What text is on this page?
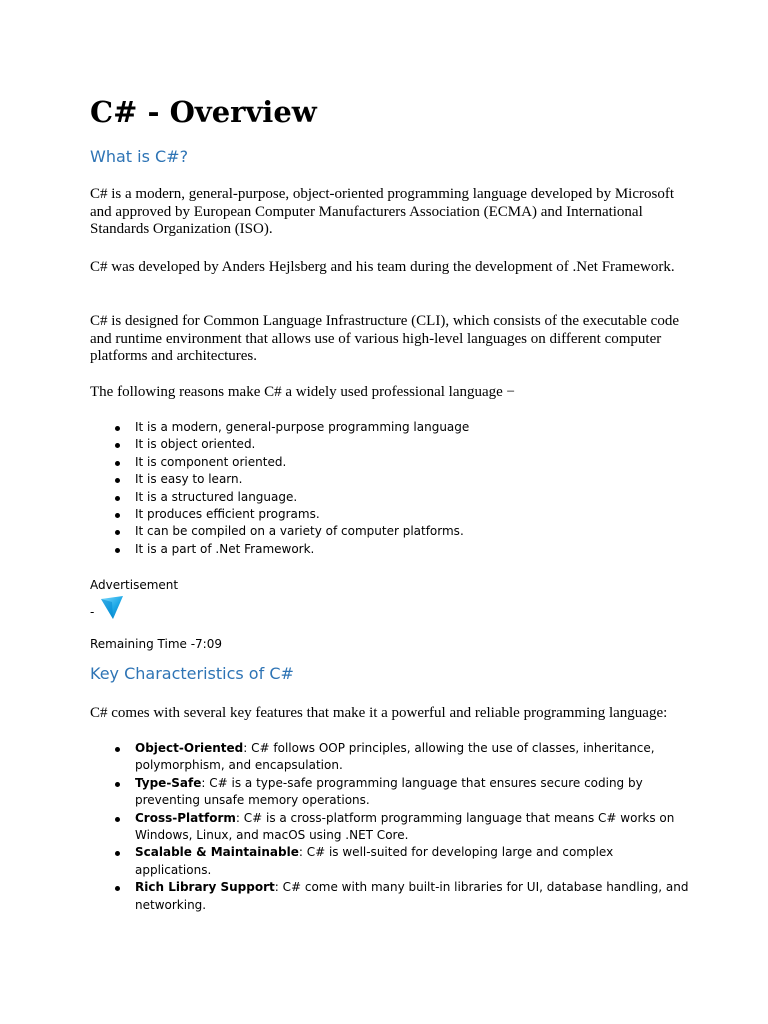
C# - Overview
What is C#?

C# is a modern, general-purpose, object-oriented programming language developed by Microsoft and approved by European Computer Manufacturers Association (ECMA) and International Standards Organization (ISO).

C# was developed by Anders Hejlsberg and his team during the development of .Net Framework.

C# is designed for Common Language Infrastructure (CLI), which consists of the executable code and runtime environment that allows use of various high-level languages on different computer platforms and architectures.

The following reasons make C# a widely used professional language −

It is a modern, general-purpose programming language
It is object oriented.
It is component oriented.
It is easy to learn.
It is a structured language.
It produces efficient programs.
It can be compiled on a variety of computer platforms.
It is a part of .Net Framework.

Advertisement

-

Remaining Time -7:09

Key Characteristics of C#

C# comes with several key features that make it a powerful and reliable programming language:

Object-Oriented: C# follows OOP principles, allowing the use of classes, inheritance, polymorphism, and encapsulation.
Type-Safe: C# is a type-safe programming language that ensures secure coding by preventing unsafe memory operations.
Cross-Platform: C# is a cross-platform programming language that means C# works on Windows, Linux, and macOS using .NET Core.
Scalable & Maintainable: C# is well-suited for developing large and complex applications.
Rich Library Support: C# come with many built-in libraries for UI, database handling, and networking.
